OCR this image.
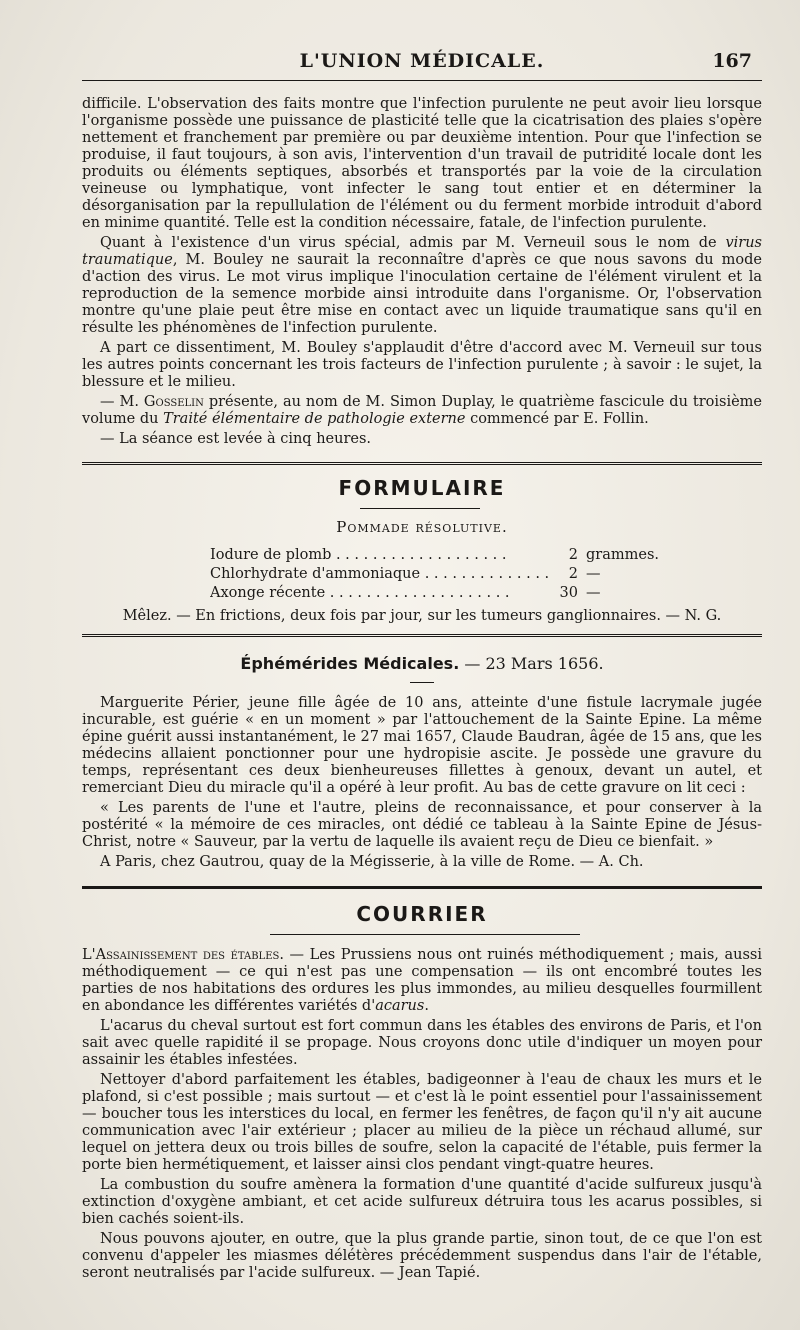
L'UNION MÉDICALE.	167

difficile. L'observation des faits montre que l'infection purulente ne peut avoir lieu lorsque l'organisme possède une puissance de plasticité telle que la cicatrisation des plaies s'opère nettement et franchement par première ou par deuxième intention. Pour que l'infection se produise, il faut toujours, à son avis, l'intervention d'un travail de putridité locale dont les produits ou éléments septiques, absorbés et transportés par la voie de la circulation veineuse ou lymphatique, vont infecter le sang tout entier et en déterminer la désorganisation par la repullulation de l'élément ou du ferment morbide introduit d'abord en minime quantité. Telle est la condition nécessaire, fatale, de l'infection purulente.

Quant à l'existence d'un virus spécial, admis par M. Verneuil sous le nom de virus traumatique, M. Bouley ne saurait la reconnaître d'après ce que nous savons du mode d'action des virus. Le mot virus implique l'inoculation certaine de l'élément virulent et la reproduction de la semence morbide ainsi introduite dans l'organisme. Or, l'observation montre qu'une plaie peut être mise en contact avec un liquide traumatique sans qu'il en résulte les phénomènes de l'infection purulente.

A part ce dissentiment, M. Bouley s'applaudit d'être d'accord avec M. Verneuil sur tous les autres points concernant les trois facteurs de l'infection purulente ; à savoir : le sujet, la blessure et le milieu.

— M. Gosselin présente, au nom de M. Simon Duplay, le quatrième fascicule du troisième volume du Traité élémentaire de pathologie externe commencé par E. Follin.

— La séance est levée à cinq heures.

FORMULAIRE
Pommade résolutive.
Iodure de plomb . . . . . . . . . . . . . . . . . . .	2 grammes.
Chlorhydrate d'ammoniaque . . . . . . . . . . . . . .	2 —
Axonge récente . . . . . . . . . . . . . . . . . . . .	30 —

Mêlez. — En frictions, deux fois par jour, sur les tumeurs ganglionnaires. — N. G.

Éphémérides Médicales. — 23 Mars 1656.

Marguerite Périer, jeune fille âgée de 10 ans, atteinte d'une fistule lacrymale jugée incurable, est guérie « en un moment » par l'attouchement de la Sainte Epine. La même épine guérit aussi instantanément, le 27 mai 1657, Claude Baudran, âgée de 15 ans, que les médecins allaient ponctionner pour une hydropisie ascite. Je possède une gravure du temps, représentant ces deux bienheureuses fillettes à genoux, devant un autel, et remerciant Dieu du miracle qu'il a opéré à leur profit. Au bas de cette gravure on lit ceci :

« Les parents de l'une et l'autre, pleins de reconnaissance, et pour conserver à la postérité « la mémoire de ces miracles, ont dédié ce tableau à la Sainte Epine de Jésus-Christ, notre « Sauveur, par la vertu de laquelle ils avaient reçu de Dieu ce bienfait. »

A Paris, chez Gautrou, quay de la Mégisserie, à la ville de Rome. — A. Ch.

COURRIER

L'Assainissement des étables. — Les Prussiens nous ont ruinés méthodiquement ; mais, aussi méthodiquement — ce qui n'est pas une compensation — ils ont encombré toutes les parties de nos habitations des ordures les plus immondes, au milieu desquelles fourmillent en abondance les différentes variétés d'acarus.

L'acarus du cheval surtout est fort commun dans les étables des environs de Paris, et l'on sait avec quelle rapidité il se propage. Nous croyons donc utile d'indiquer un moyen pour assainir les étables infestées.

Nettoyer d'abord parfaitement les étables, badigeonner à l'eau de chaux les murs et le plafond, si c'est possible ; mais surtout — et c'est là le point essentiel pour l'assainissement — boucher tous les interstices du local, en fermer les fenêtres, de façon qu'il n'y ait aucune communication avec l'air extérieur ; placer au milieu de la pièce un réchaud allumé, sur lequel on jettera deux ou trois billes de soufre, selon la capacité de l'étable, puis fermer la porte bien hermétiquement, et laisser ainsi clos pendant vingt-quatre heures.

La combustion du soufre amènera la formation d'une quantité d'acide sulfureux jusqu'à extinction d'oxygène ambiant, et cet acide sulfureux détruira tous les acarus possibles, si bien cachés soient-ils.

Nous pouvons ajouter, en outre, que la plus grande partie, sinon tout, de ce que l'on est convenu d'appeler les miasmes délétères précédemment suspendus dans l'air de l'étable, seront neutralisés par l'acide sulfureux. — Jean Tapié.
